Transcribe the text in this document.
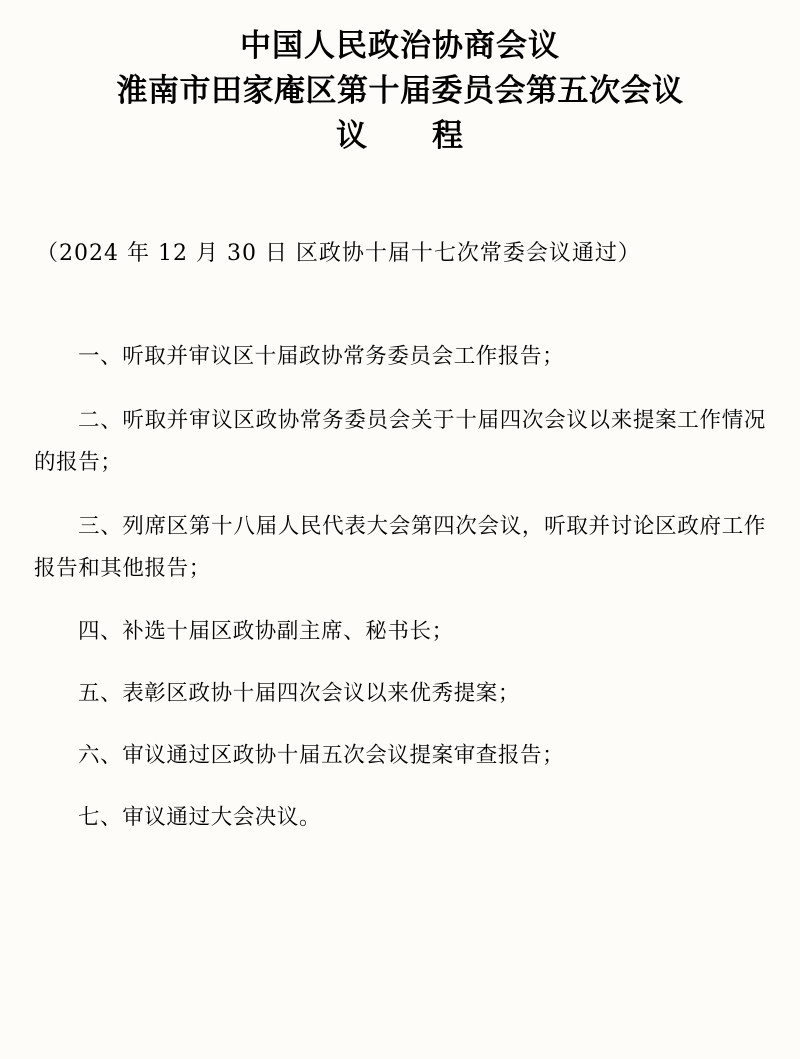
中国人民政治协商会议
淮南市田家庵区第十届委员会第五次会议
议 程
（2024 年 12 月 30 日 区政协十届十七次常委会议通过）
一、听取并审议区十届政协常务委员会工作报告；
二、听取并审议区政协常务委员会关于十届四次会议以来提案工作情况的报告；
三、列席区第十八届人民代表大会第四次会议，听取并讨论区政府工作报告和其他报告；
四、补选十届区政协副主席、秘书长；
五、表彰区政协十届四次会议以来优秀提案；
六、审议通过区政协十届五次会议提案审查报告；
七、审议通过大会决议。
